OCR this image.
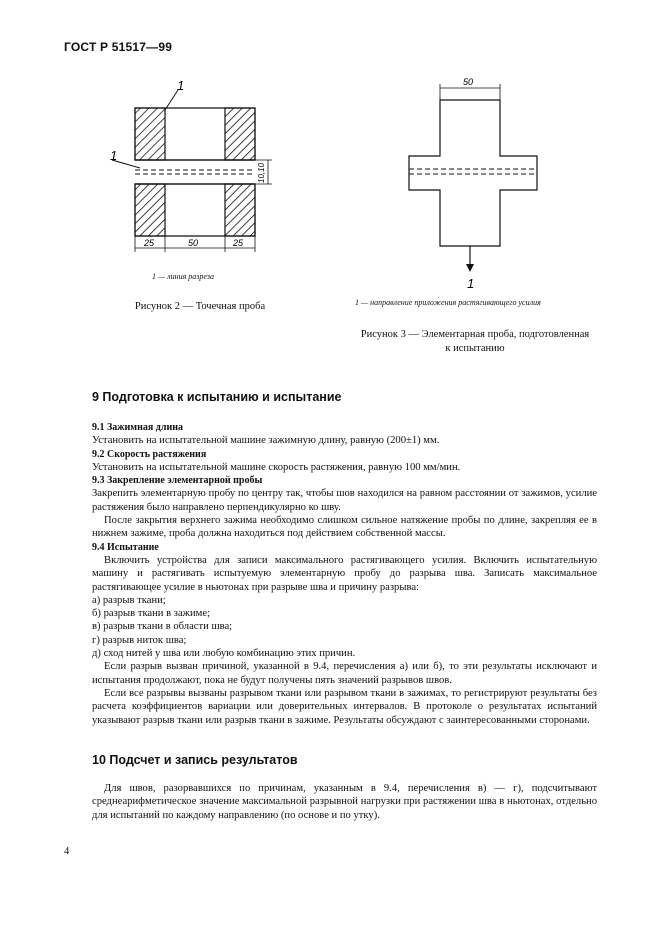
ГОСТ Р 51517—99
1
1
10,10
25	50	25
1 — линия разреза
Рисунок 2 — Точечная проба
50
1
1 — направление приложения растягивающего усилия
Рисунок 3 — Элементарная проба, подготовленная
к испытанию
9 Подготовка к испытанию и испытание

9.1 Зажимная длина

Установить на испытательной машине зажимную длину, равную (200±1) мм.

9.2 Скорость растяжения

Установить на испытательной машине скорость растяжения, равную 100 мм/мин.

9.3 Закрепление элементарной пробы

Закрепить элементарную пробу по центру так, чтобы шов находился на равном расстоянии от зажимов, усилие растяжения было направлено перпендикулярно ко шву.

После закрытия верхнего зажима необходимо слишком сильное натяжение пробы по длине, закрепляя ее в нижнем зажиме, проба должна находиться под действием собственной массы.

9.4 Испытание

Включить устройства для записи максимального растягивающего усилия. Включить испытательную машину и растягивать испытуемую элементарную пробу до разрыва шва. Записать максимальное растягивающее усилие в ньютонах при разрыве шва и причину разрыва:

а) разрыв ткани;

б) разрыв ткани в зажиме;

в) разрыв ткани в области шва;

г) разрыв ниток шва;

д) сход нитей у шва или любую комбинацию этих причин.

Если разрыв вызван причиной, указанной в 9.4, перечисления а) или б), то эти результаты исключают и испытания продолжают, пока не будут получены пять значений разрывов швов.

Если все разрывы вызваны разрывом ткани или разрывом ткани в зажимах, то регистрируют результаты без расчета коэффициентов вариации или доверительных интервалов. В протоколе о результатах испытаний указывают разрыв ткани или разрыв ткани в зажиме. Результаты обсуждают с заинтересованными сторонами.

10 Подсчет и запись результатов

Для швов, разорвавшихся по причинам, указанным в 9.4, перечисления в) — г), подсчитывают среднеарифметическое значение максимальной разрывной нагрузки при растяжении шва в ньютонах, отдельно для испытаний по каждому направлению (по основе и по утку).

4
